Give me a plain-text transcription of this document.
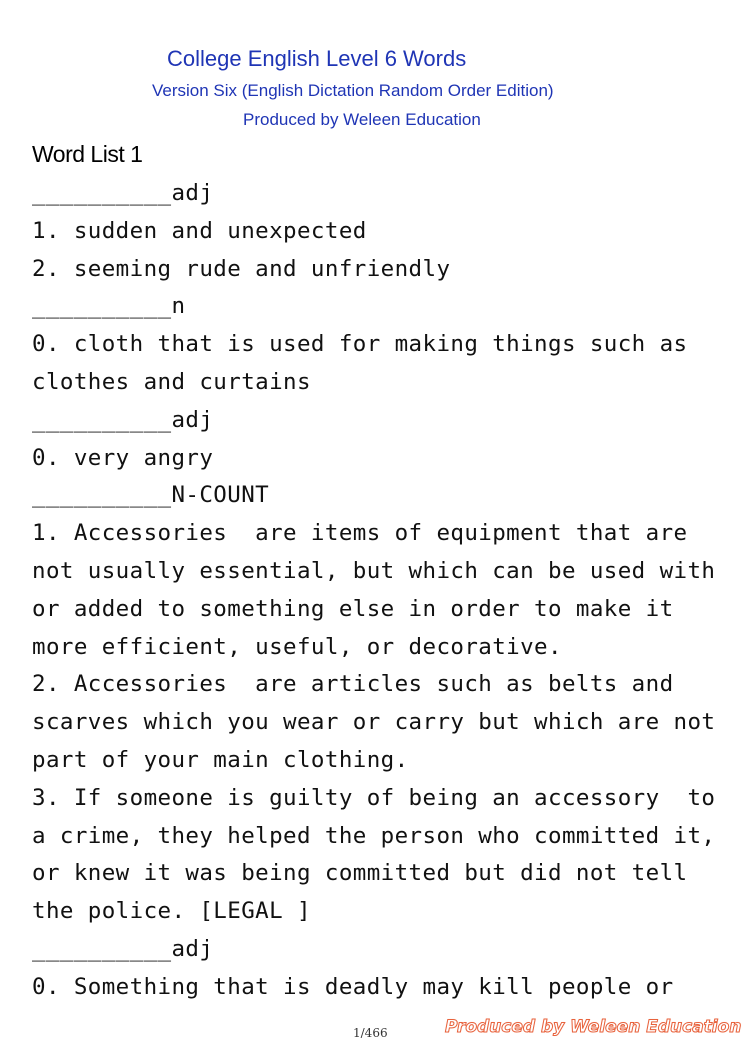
College English Level 6 Words
Version Six (English Dictation Random Order Edition)
Produced by Weleen Education
Word List 1
__________adj
1. sudden and unexpected
2. seeming rude and unfriendly
__________n
0. cloth that is used for making things such as
clothes and curtains
__________adj
0. very angry
__________N-COUNT
1. Accessories  are items of equipment that are
not usually essential, but which can be used with
or added to something else in order to make it
more efficient, useful, or decorative.
2. Accessories  are articles such as belts and
scarves which you wear or carry but which are not
part of your main clothing.
3. If someone is guilty of being an accessory  to
a crime, they helped the person who committed it,
or knew it was being committed but did not tell
the police. [LEGAL ]
__________adj
0. Something that is deadly may kill people or
1/466	Produced by Weleen Education
